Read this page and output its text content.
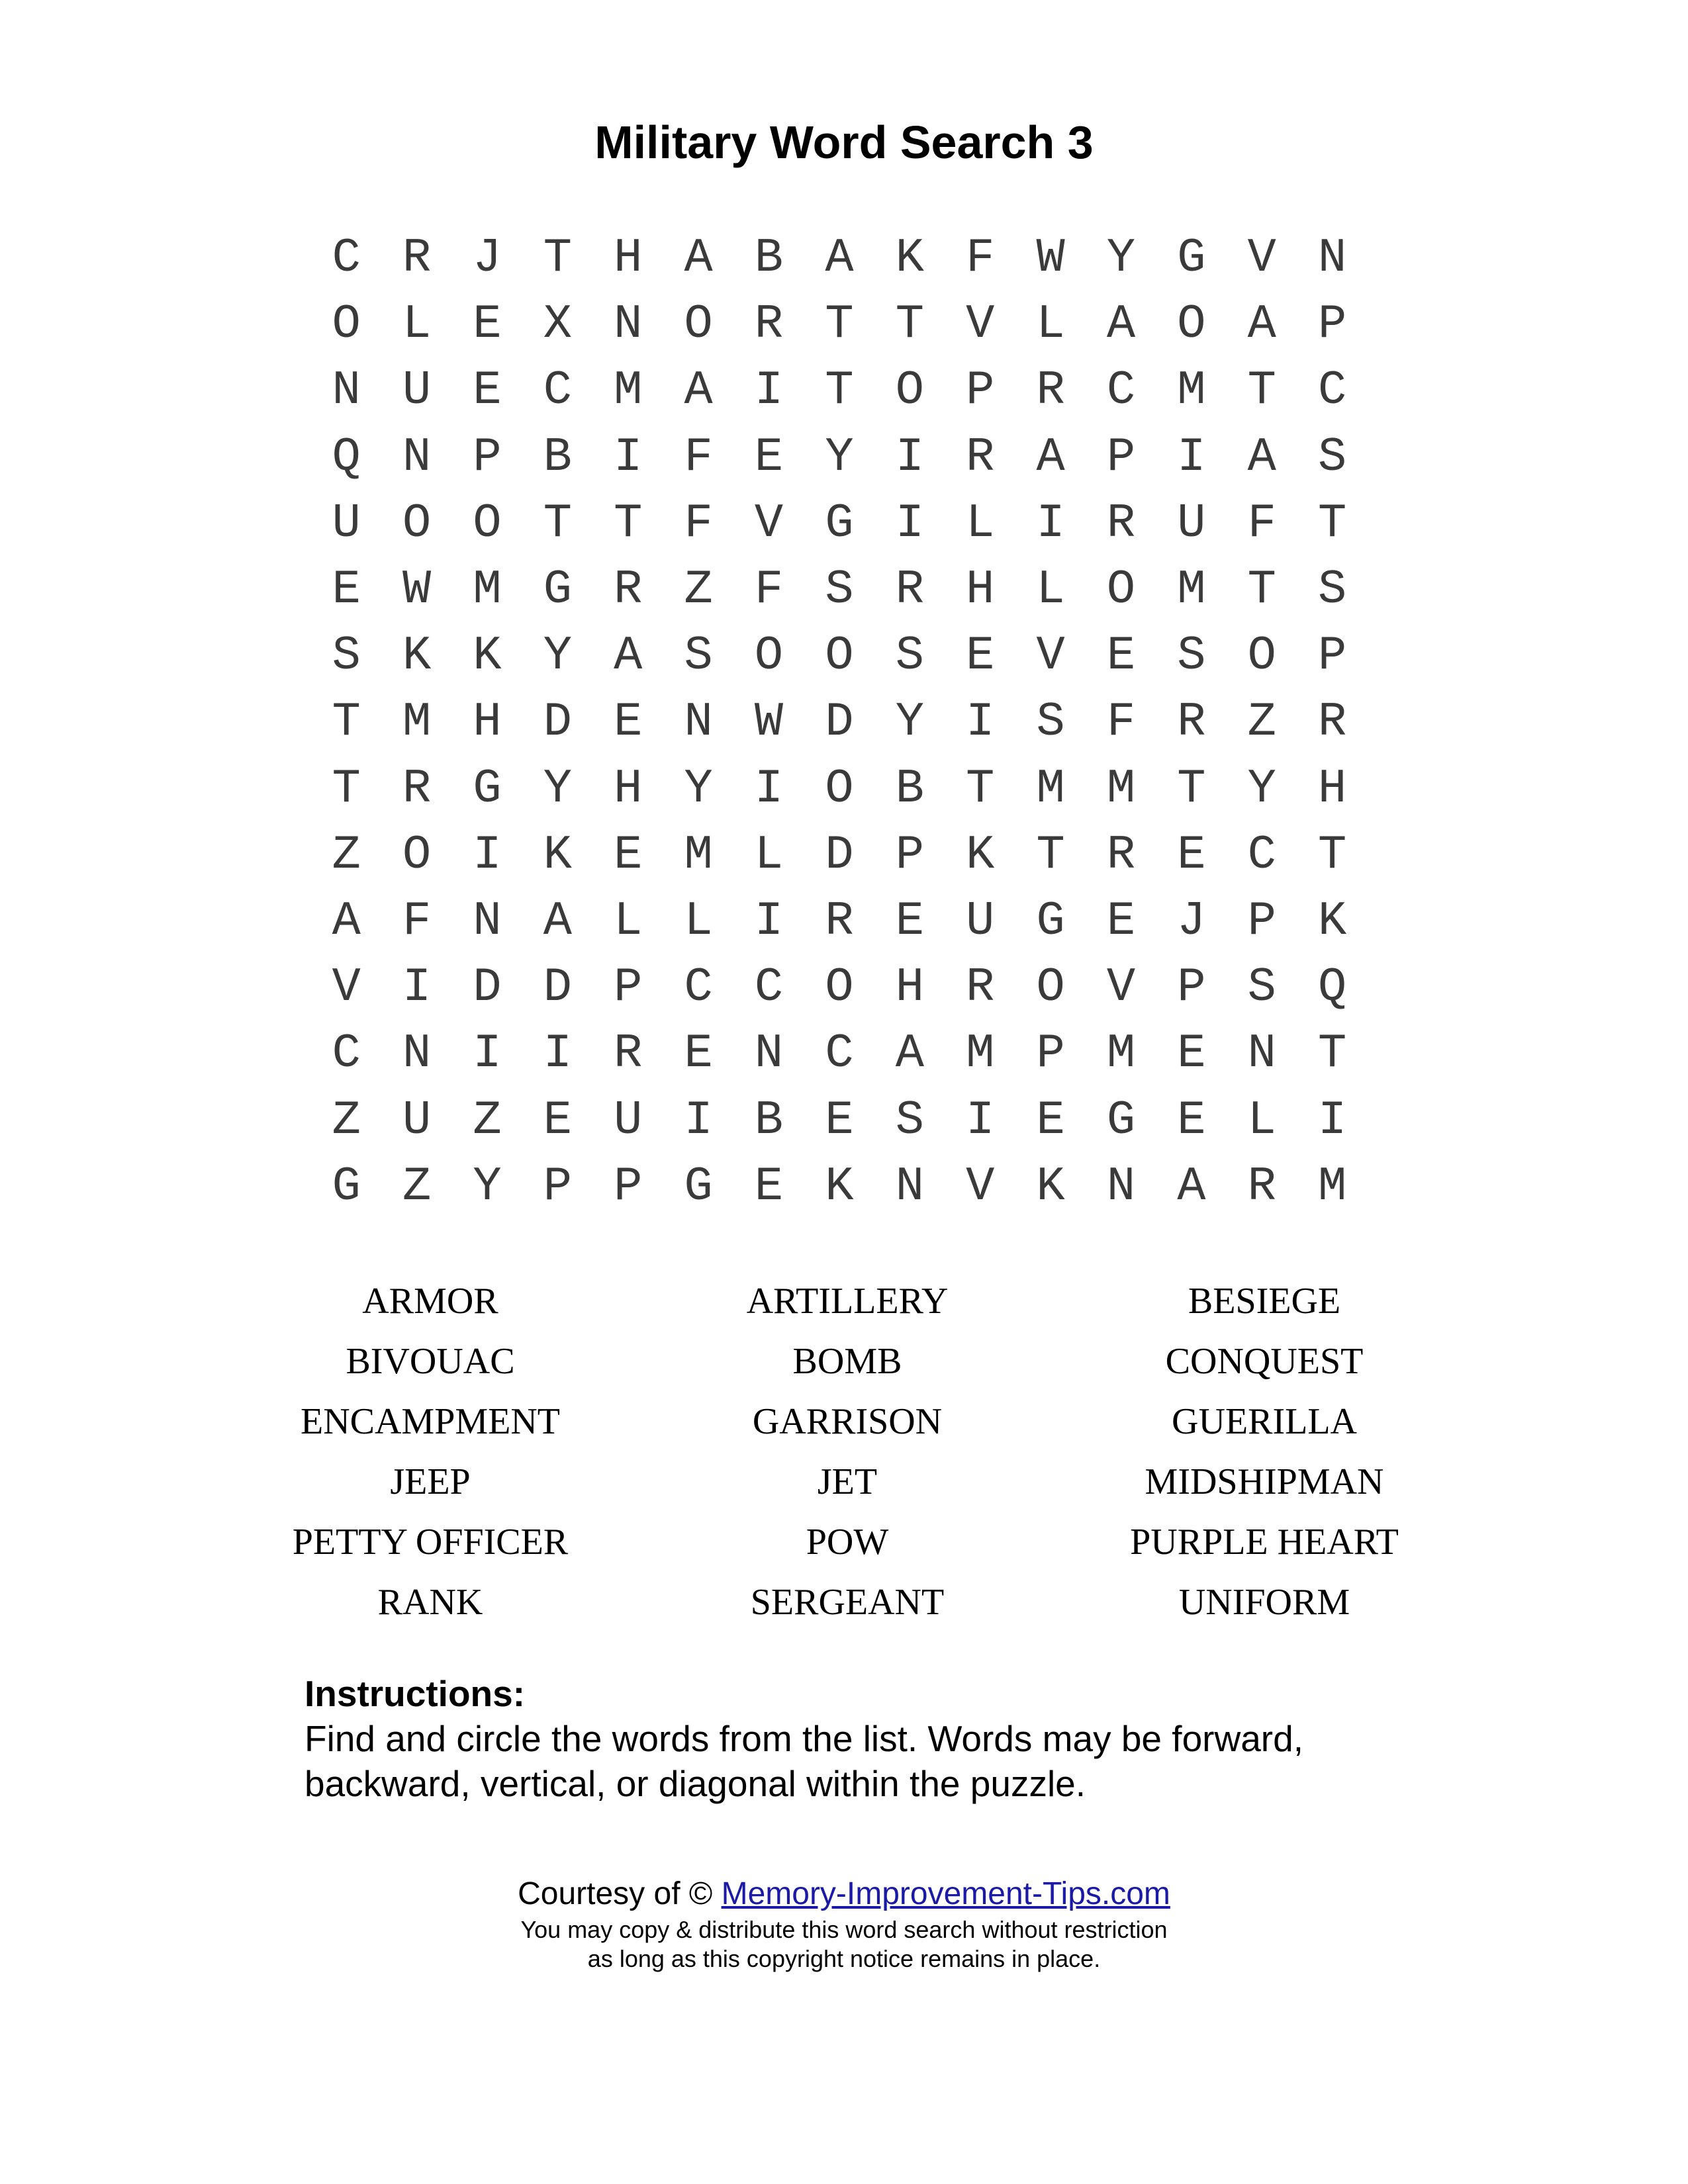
Military Word Search 3
C R J T H A B A K F W Y G V N
O L E X N O R T T V L A O A P
N U E C M A I T O P R C M T C
Q N P B I F E Y I R A P I A S
U O O T T F V G I L I R U F T
E W M G R Z F S R H L O M T S
S K K Y A S O O S E V E S O P
T M H D E N W D Y I S F R Z R
T R G Y H Y I O B T M M T Y H
Z O I K E M L D P K T R E C T
A F N A L L I R E U G E J P K
V I D D P C C O H R O V P S Q
C N I I R E N C A M P M E N T
Z U Z E U I B E S I E G E L I
G Z Y P P G E K N V K N A R M
ARMOR	ARTILLERY	BESIEGE
BIVOUAC	BOMB	CONQUEST
ENCAMPMENT	GARRISON	GUERILLA
JEEP	JET	MIDSHIPMAN
PETTY OFFICER	POW	PURPLE HEART
RANK	SERGEANT	UNIFORM
Instructions:
Find and circle the words from the list. Words may be forward, backward, vertical, or diagonal within the puzzle.
Courtesy of © Memory-Improvement-Tips.com
You may copy & distribute this word search without restriction
as long as this copyright notice remains in place.
